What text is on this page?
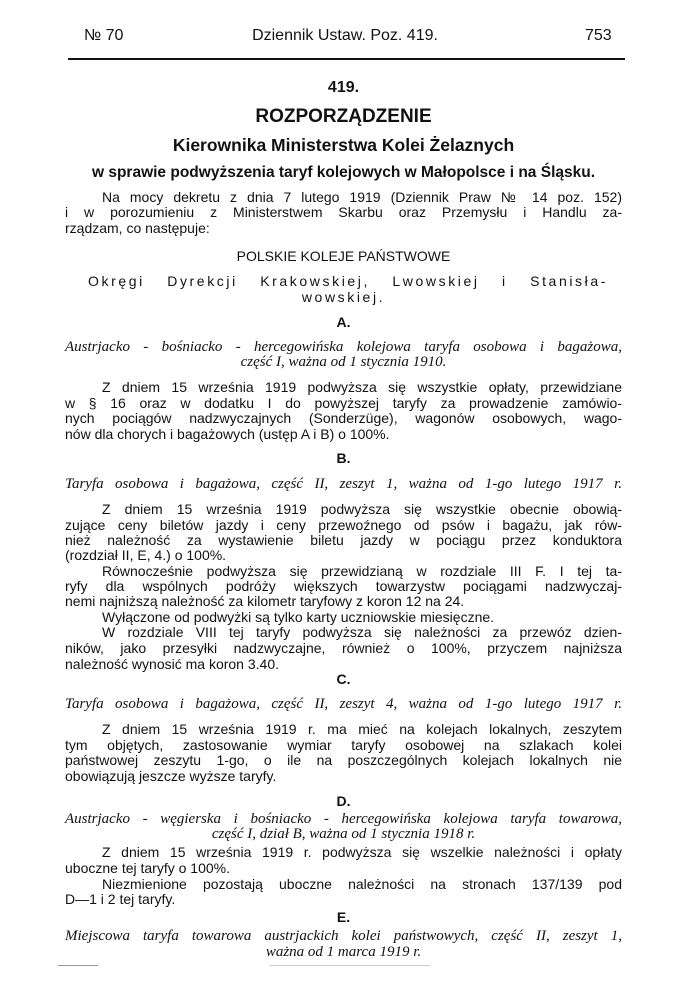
№ 70	Dziennik Ustaw. Poz. 419.	753
419.
ROZPORZĄDZENIE
Kierownika Ministerstwa Kolei Żelaznych
w sprawie podwyższenia taryf kolejowych w Małopolsce i na Śląsku.
Na mocy dekretu z dnia 7 lutego 1919 (Dziennik Praw № 14 poz. 152)
i w porozumieniu z Ministerstwem Skarbu oraz Przemysłu i Handlu za-
rządzam, co następuje:
POLSKIE KOLEJE PAŃSTWOWE
Okręgi Dyrekcji Krakowskiej, Lwowskiej i Stanisła-
wowskiej.
A.
Austrjacko - bośniacko - hercegowińska kolejowa taryfa osobowa i bagażowa,
część I, ważna od 1 stycznia 1910.
Z dniem 15 września 1919 podwyższa się wszystkie opłaty, przewidziane
w § 16 oraz w dodatku I do powyższej taryfy za prowadzenie zamówio-
nych pociągów nadzwyczajnych (Sonderzüge), wagonów osobowych, wago-
nów dla chorych i bagażowych (ustęp A i B) o 100%.
B.
Taryfa osobowa i bagażowa, część II, zeszyt 1, ważna od 1-go lutego 1917 r.
Z dniem 15 września 1919 podwyższa się wszystkie obecnie obowią-
zujące ceny biletów jazdy i ceny przewoźnego od psów i bagażu, jak rów-
nież należność za wystawienie biletu jazdy w pociągu przez konduktora
(rozdział II, E, 4.) o 100%.
Równocześnie podwyższa się przewidzianą w rozdziale III F. I tej ta-
ryfy dla wspólnych podróży większych towarzystw pociągami nadzwyczaj-
nemi najniższą należność za kilometr taryfowy z koron 12 na 24.
Wyłączone od podwyżki są tylko karty uczniowskie miesięczne.
W rozdziale VIII tej taryfy podwyższa się należności za przewóz dzien-
ników, jako przesyłki nadzwyczajne, również o 100%, przyczem najniższa
należność wynosić ma koron 3.40.
C.
Taryfa osobowa i bagażowa, część II, zeszyt 4, ważna od 1-go lutego 1917 r.
Z dniem 15 września 1919 r. ma mieć na kolejach lokalnych, zeszytem
tym objętych, zastosowanie wymiar taryfy osobowej na szlakach kolei
państwowej zeszytu 1-go, o ile na poszczególnych kolejach lokalnych nie
obowiązują jeszcze wyższe taryfy.
D.
Austrjacko - węgierska i bośniacko - hercegowińska kolejowa taryfa towarowa,
część I, dział B, ważna od 1 stycznia 1918 r.
Z dniem 15 września 1919 r. podwyższa się wszelkie należności i opłaty
uboczne tej taryfy o 100%.
Niezmienione pozostają uboczne należności na stronach 137/139 pod
D—1 i 2 tej taryfy.
E.
Miejscowa taryfa towarowa austrjackich kolei państwowych, część II, zeszyt 1,
ważna od 1 marca 1919 r.
